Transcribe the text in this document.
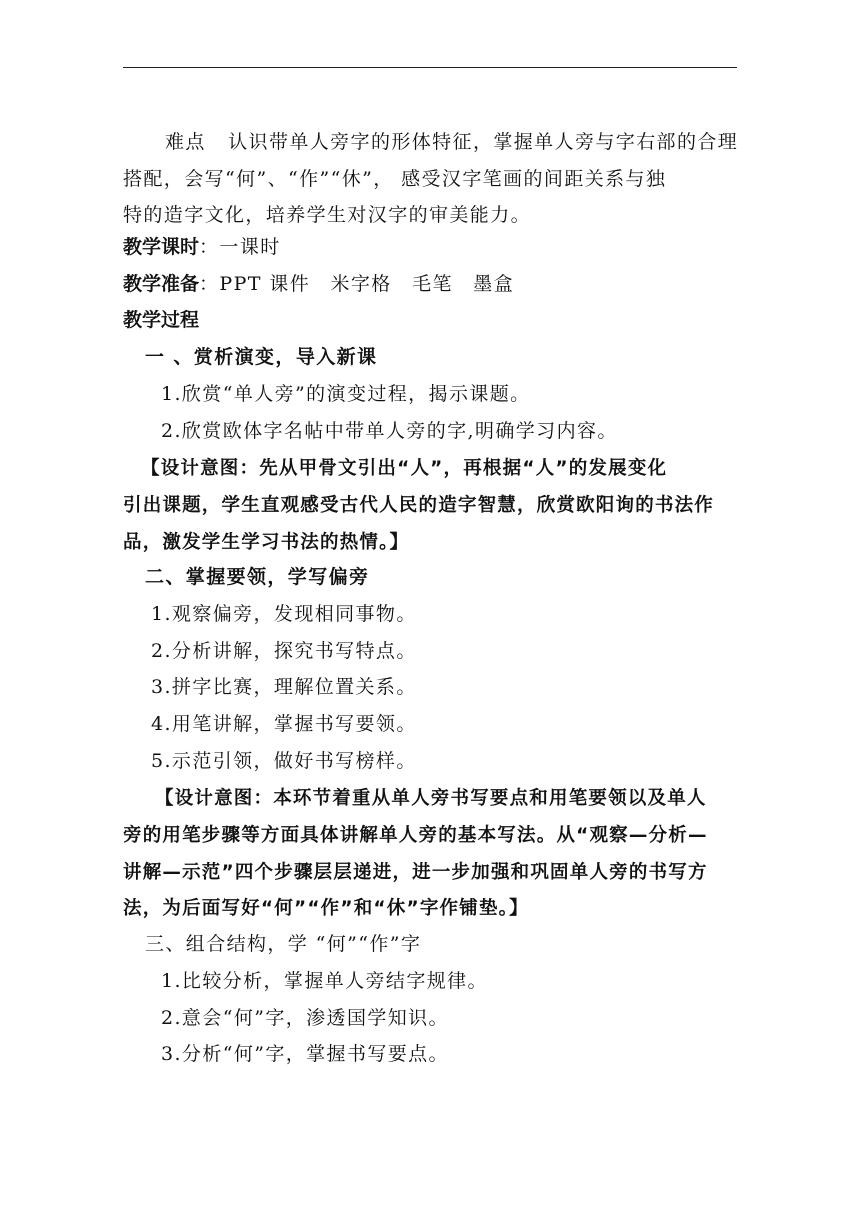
难点 认识带单人旁字的形体特征，掌握单人旁与字右部的合理
搭配，会写“何”、“作”“休”， 感受汉字笔画的间距关系与独
特的造字文化，培养学生对汉字的审美能力。
教学课时：一课时
教学准备：PPT 课件　米字格　毛笔　墨盒
教学过程
一 、赏析演变，导入新课
1.欣赏“单人旁”的演变过程，揭示课题。
2.欣赏欧体字名帖中带单人旁的字,明确学习内容。
【设计意图：先从甲骨文引出“人”，再根据“人”的发展变化
引出课题，学生直观感受古代人民的造字智慧，欣赏欧阳询的书法作
品，激发学生学习书法的热情。】
二、掌握要领，学写偏旁
1.观察偏旁，发现相同事物。
2.分析讲解，探究书写特点。
3.拼字比赛，理解位置关系。
4.用笔讲解，掌握书写要领。
5.示范引领，做好书写榜样。
【设计意图：本环节着重从单人旁书写要点和用笔要领以及单人
旁的用笔步骤等方面具体讲解单人旁的基本写法。从“观察—分析—
讲解—示范”四个步骤层层递进，进一步加强和巩固单人旁的书写方
法，为后面写好“何”“作”和“休”字作铺垫。】
三、组合结构，学 “何”“作”字
1.比较分析，掌握单人旁结字规律。
2.意会“何”字，渗透国学知识。
3.分析“何”字，掌握书写要点。
